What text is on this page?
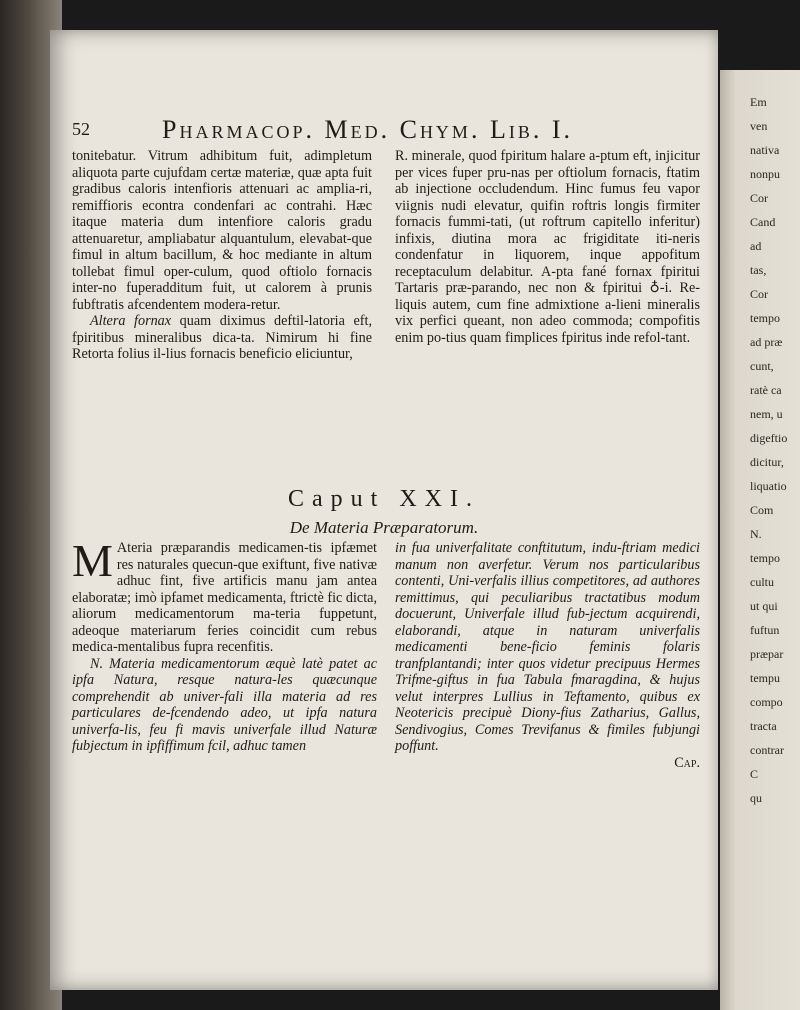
52	Pharmacop. Med. Chym. Lib. I.

tonitebatur. Vitrum adhibitum fuit, adimpletum aliquota parte cujufdam certæ materiæ, quæ apta fuit gradibus caloris intenfioris attenuari ac amplia-ri, remiffioris econtra condenfari ac contrahi. Hæc itaque materia dum intenfiore caloris gradu attenuaretur, ampliabatur alquantulum, elevabat-que fimul in altum bacillum, & hoc mediante in altum tollebat fimul oper-culum, quod oftiolo fornacis inter-no fuperadditum fuit, ut calorem à prunis fubftratis afcendentem modera-retur.

Altera fornax quam diximus deftil-latoria eft, fpiritibus mineralibus dica-ta. Nimirum hi fine Retorta folius il-lius fornacis beneficio eliciuntur,

R. minerale, quod fpiritum halare a-ptum eft, injicitur per vices fuper pru-nas per oftiolum fornacis, ftatim ab injectione occludendum. Hinc fumus feu vapor viignis nudi elevatur, quifin roftris longis firmiter fornacis fummi-tati, (ut roftrum capitello inferitur) infixis, diutina mora ac frigiditate iti-neris condenfatur in liquorem, inque appofitum receptaculum delabitur. A-pta fané fornax fpiritui Tartaris præ-parando, nec non & fpiritui ♁-i. Re-liquis autem, cum fine admixtione a-lieni mineralis vix perfici queant, non adeo commoda; compofitis enim po-tius quam fimplices fpiritus inde refol-tant.

Caput XXI.
De Materia Præparatorum.

M Ateria præparandis medicamen-tis ipfæmet res naturales quecun-que exiftunt, five nativæ adhuc fint, five artificis manu jam antea elaboratæ; imò ipfamet medicamenta, ftrictè fic dicta, aliorum medicamentorum ma-teria fuppetunt, adeoque materiarum feries coincidit cum rebus medica-mentalibus fupra recenfitis.

N. Materia medicamentorum æquè latè patet ac ipfa Natura, resque natura-les quæcunque comprehendit ab univer-fali illa materia ad res particulares de-fcendendo adeo, ut ipfa natura univerfa-lis, feu fi mavis univerfale illud Naturæ fubjectum in ipfiffimum fcil, adhuc tamen

in fua univerfalitate conftitutum, indu-ftriam medici manum non averfetur. Verum nos particularibus contenti, Uni-verfalis illius competitores, ad authores remittimus, qui peculiaribus tractatibus modum docuerunt, Univerfale illud fub-jectum acquirendi, elaborandi, atque in naturam univerfalis medicamenti bene-ficio feminis folaris tranfplantandi; inter quos videtur precipuus Hermes Trifme-giftus in fua Tabula fmaragdina, & hujus velut interpres Lullius in Teftamento, quibus ex Neotericis precipuè Diony-fius Zatharius, Gallus, Sendivogius, Comes Trevifanus & fimiles fubjungi poffunt.

Cap.

Em
ven
nativa
nonpu
Cor
Cand
ad
tas,
Cor
tempo
ad præ
cunt,
ratè ca
nem, u
digeftio
dicitur,
liquatio
Com
N.
tempo
cultu
ut qui
fuftun
præpar
tempu
compo
tracta
contrar
C
qu
